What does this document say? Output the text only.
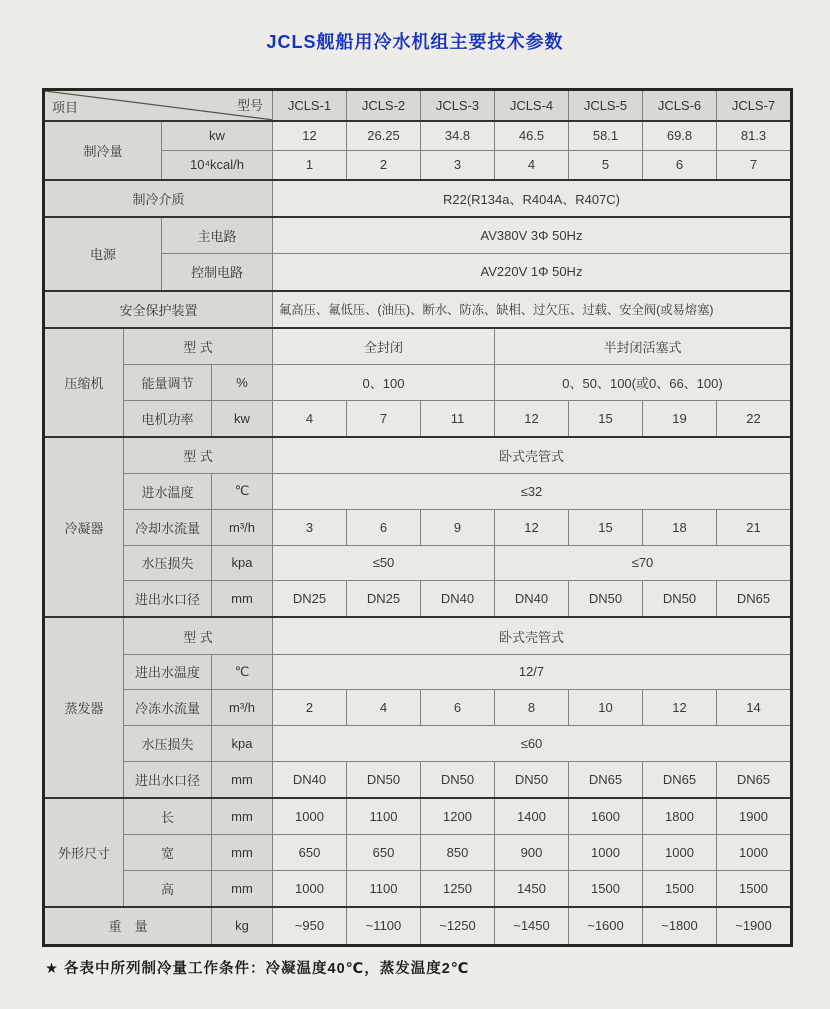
JCLS舰船用冷水机组主要技术参数
项目 型号				JCLS-1	JCLS-2	JCLS-3	JCLS-4	JCLS-5	JCLS-6	JCLS-7
制冷量		kw		12	26.25	34.8	46.5	58.1	69.8	81.3
		10⁴kcal/h		1	2	3	4	5	6	7
制冷介质				R22(R134a、R404A、R407C)						
电源		主电路		AV380V 3Φ 50Hz						
		控制电路		AV220V 1Φ 50Hz						
安全保护装置				氟高压、氟低压、(油压)、断水、防冻、缺相、过欠压、过载、安全阀(或易熔塞)						
压缩机	型 式			全封闭			半封闭活塞式			
	能量调节		%	0、100			0、50、100(或0、66、100)			
	电机功率		kw	4	7	11	12	15	19	22
冷凝器	型 式			卧式壳管式						
	进水温度		℃	≤32						
	冷却水流量		m³/h	3	6	9	12	15	18	21
	水压损失		kpa	≤50			≤70			
	进出水口径		mm	DN25	DN25	DN40	DN40	DN50	DN50	DN65
蒸发器	型 式			卧式壳管式						
	进出水温度		℃	12/7						
	冷冻水流量		m³/h	2	4	6	8	10	12	14
	水压损失		kpa	≤60						
	进出水口径		mm	DN40	DN50	DN50	DN50	DN65	DN65	DN65
外形尺寸	长		mm	1000	1100	1200	1400	1600	1800	1900
	宽		mm	650	650	850	900	1000	1000	1000
	高		mm	1000	1100	1250	1450	1500	1500	1500
重　量			kg	~950	~1100	~1250	~1450	~1600	~1800	~1900
★ 各表中所列制冷量工作条件：冷凝温度40℃，蒸发温度2℃
